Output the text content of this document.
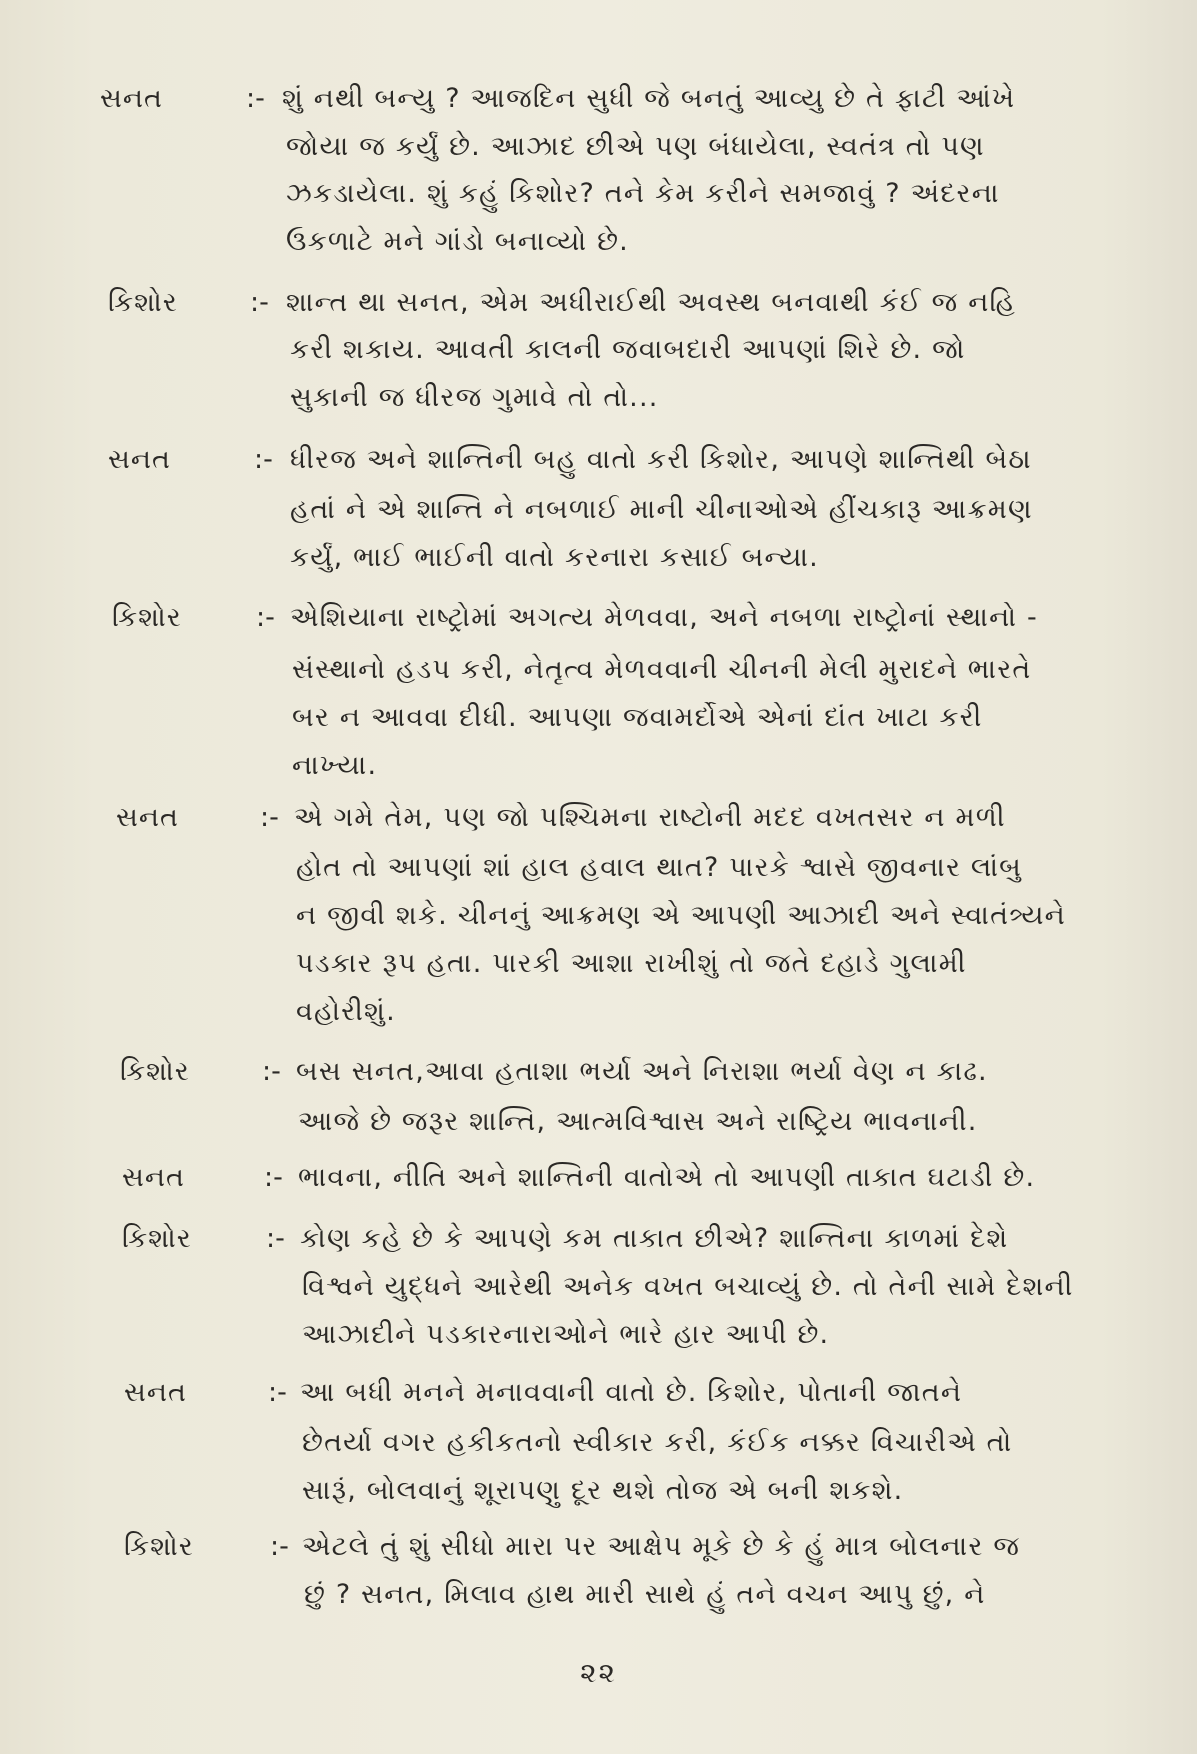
સનત	:- શું નથી બન્યુ ? આજદિન સુધી જે બનતું આવ્યુ છે તે ફાટી આંખે
જોયા જ કર્યું છે. આઝાદ છીએ પણ બંધાયેલા, સ્વતંત્ર તો પણ
ઝકડાયેલા. શું કહું કિશોર? તને કેમ કરીને સમજાવું ? અંદરના
ઉકળાટે મને ગાંડો બનાવ્યો છે.
કિશોર	:- શાન્ત થા સનત, એમ અધીરાઈથી અવસ્થ બનવાથી કંઈ જ નહિ
કરી શકાય. આવતી કાલની જવાબદારી આપણાં શિરે છે. જો
સુકાની જ ધીરજ ગુમાવે તો તો...
સનત	:- ધીરજ અને શાન્તિની બહુ વાતો કરી કિશોર, આપણે શાન્તિથી બેઠા
હતાં ને એ શાન્તિ ને નબળાઈ માની ચીનાઓએ હીંચકારૂ આક્રમણ
કર્યું, ભાઈ ભાઈની વાતો કરનારા કસાઈ બન્યા.
કિશોર	:- એશિયાના રાષ્ટ્રોમાં અગત્ય મેળવવા, અને નબળા રાષ્ટ્રોનાં સ્થાનો -
સંસ્થાનો હડપ કરી, નેતૃત્વ મેળવવાની ચીનની મેલી મુરાદને ભારતે
બર ન આવવા દીધી. આપણા જવામર્દોએ એનાં દાંત ખાટા કરી
નાખ્યા.
સનત	:- એ ગમે તેમ, પણ જો પશ્ચિમના રાષ્ટોની મદદ વખતસર ન મળી
હોત તો આપણાં શાં હાલ હવાલ થાત? પારકે શ્વાસે જીવનાર લાંબુ
ન જીવી શકે. ચીનનું આક્રમણ એ આપણી આઝાદી અને સ્વાતંત્ર્યને
પડકાર રૂપ હતા. પારકી આશા રાખીશું તો જતે દહાડે ગુલામી
વહોરીશું.
કિશોર	:- બસ સનત,આવા હતાશા ભર્યા અને નિરાશા ભર્યા વેણ ન કાઢ.
આજે છે જરૂર શાન્તિ, આત્મવિશ્વાસ અને રાષ્ટ્રિય ભાવનાની.
સનત	:- ભાવના, નીતિ અને શાન્તિની વાતોએ તો આપણી તાકાત ઘટાડી છે.
કિશોર	:- કોણ કહે છે કે આપણે કમ તાકાત છીએ? શાન્તિના કાળમાં દેશે
વિશ્વને યુદ્ધને આરેથી અનેક વખત બચાવ્યું છે. તો તેની સામે દેશની
આઝાદીને પડકારનારાઓને ભારે હાર આપી છે.
સનત	:- આ બધી મનને મનાવવાની વાતો છે. કિશોર, પોતાની જાતને
છેતર્યા વગર હકીકતનો સ્વીકાર કરી, કંઈક નક્કર વિચારીએ તો
સારૂં, બોલવાનું શૂરાપણુ દૂર થશે તોજ એ બની શકશે.
કિશોર	:- એટલે તું શું સીધો મારા પર આક્ષેપ મૂકે છે કે હું માત્ર બોલનાર જ
છું ? સનત, મિલાવ હાથ મારી સાથે હું તને વચન આપુ છું, ને
૨૨
